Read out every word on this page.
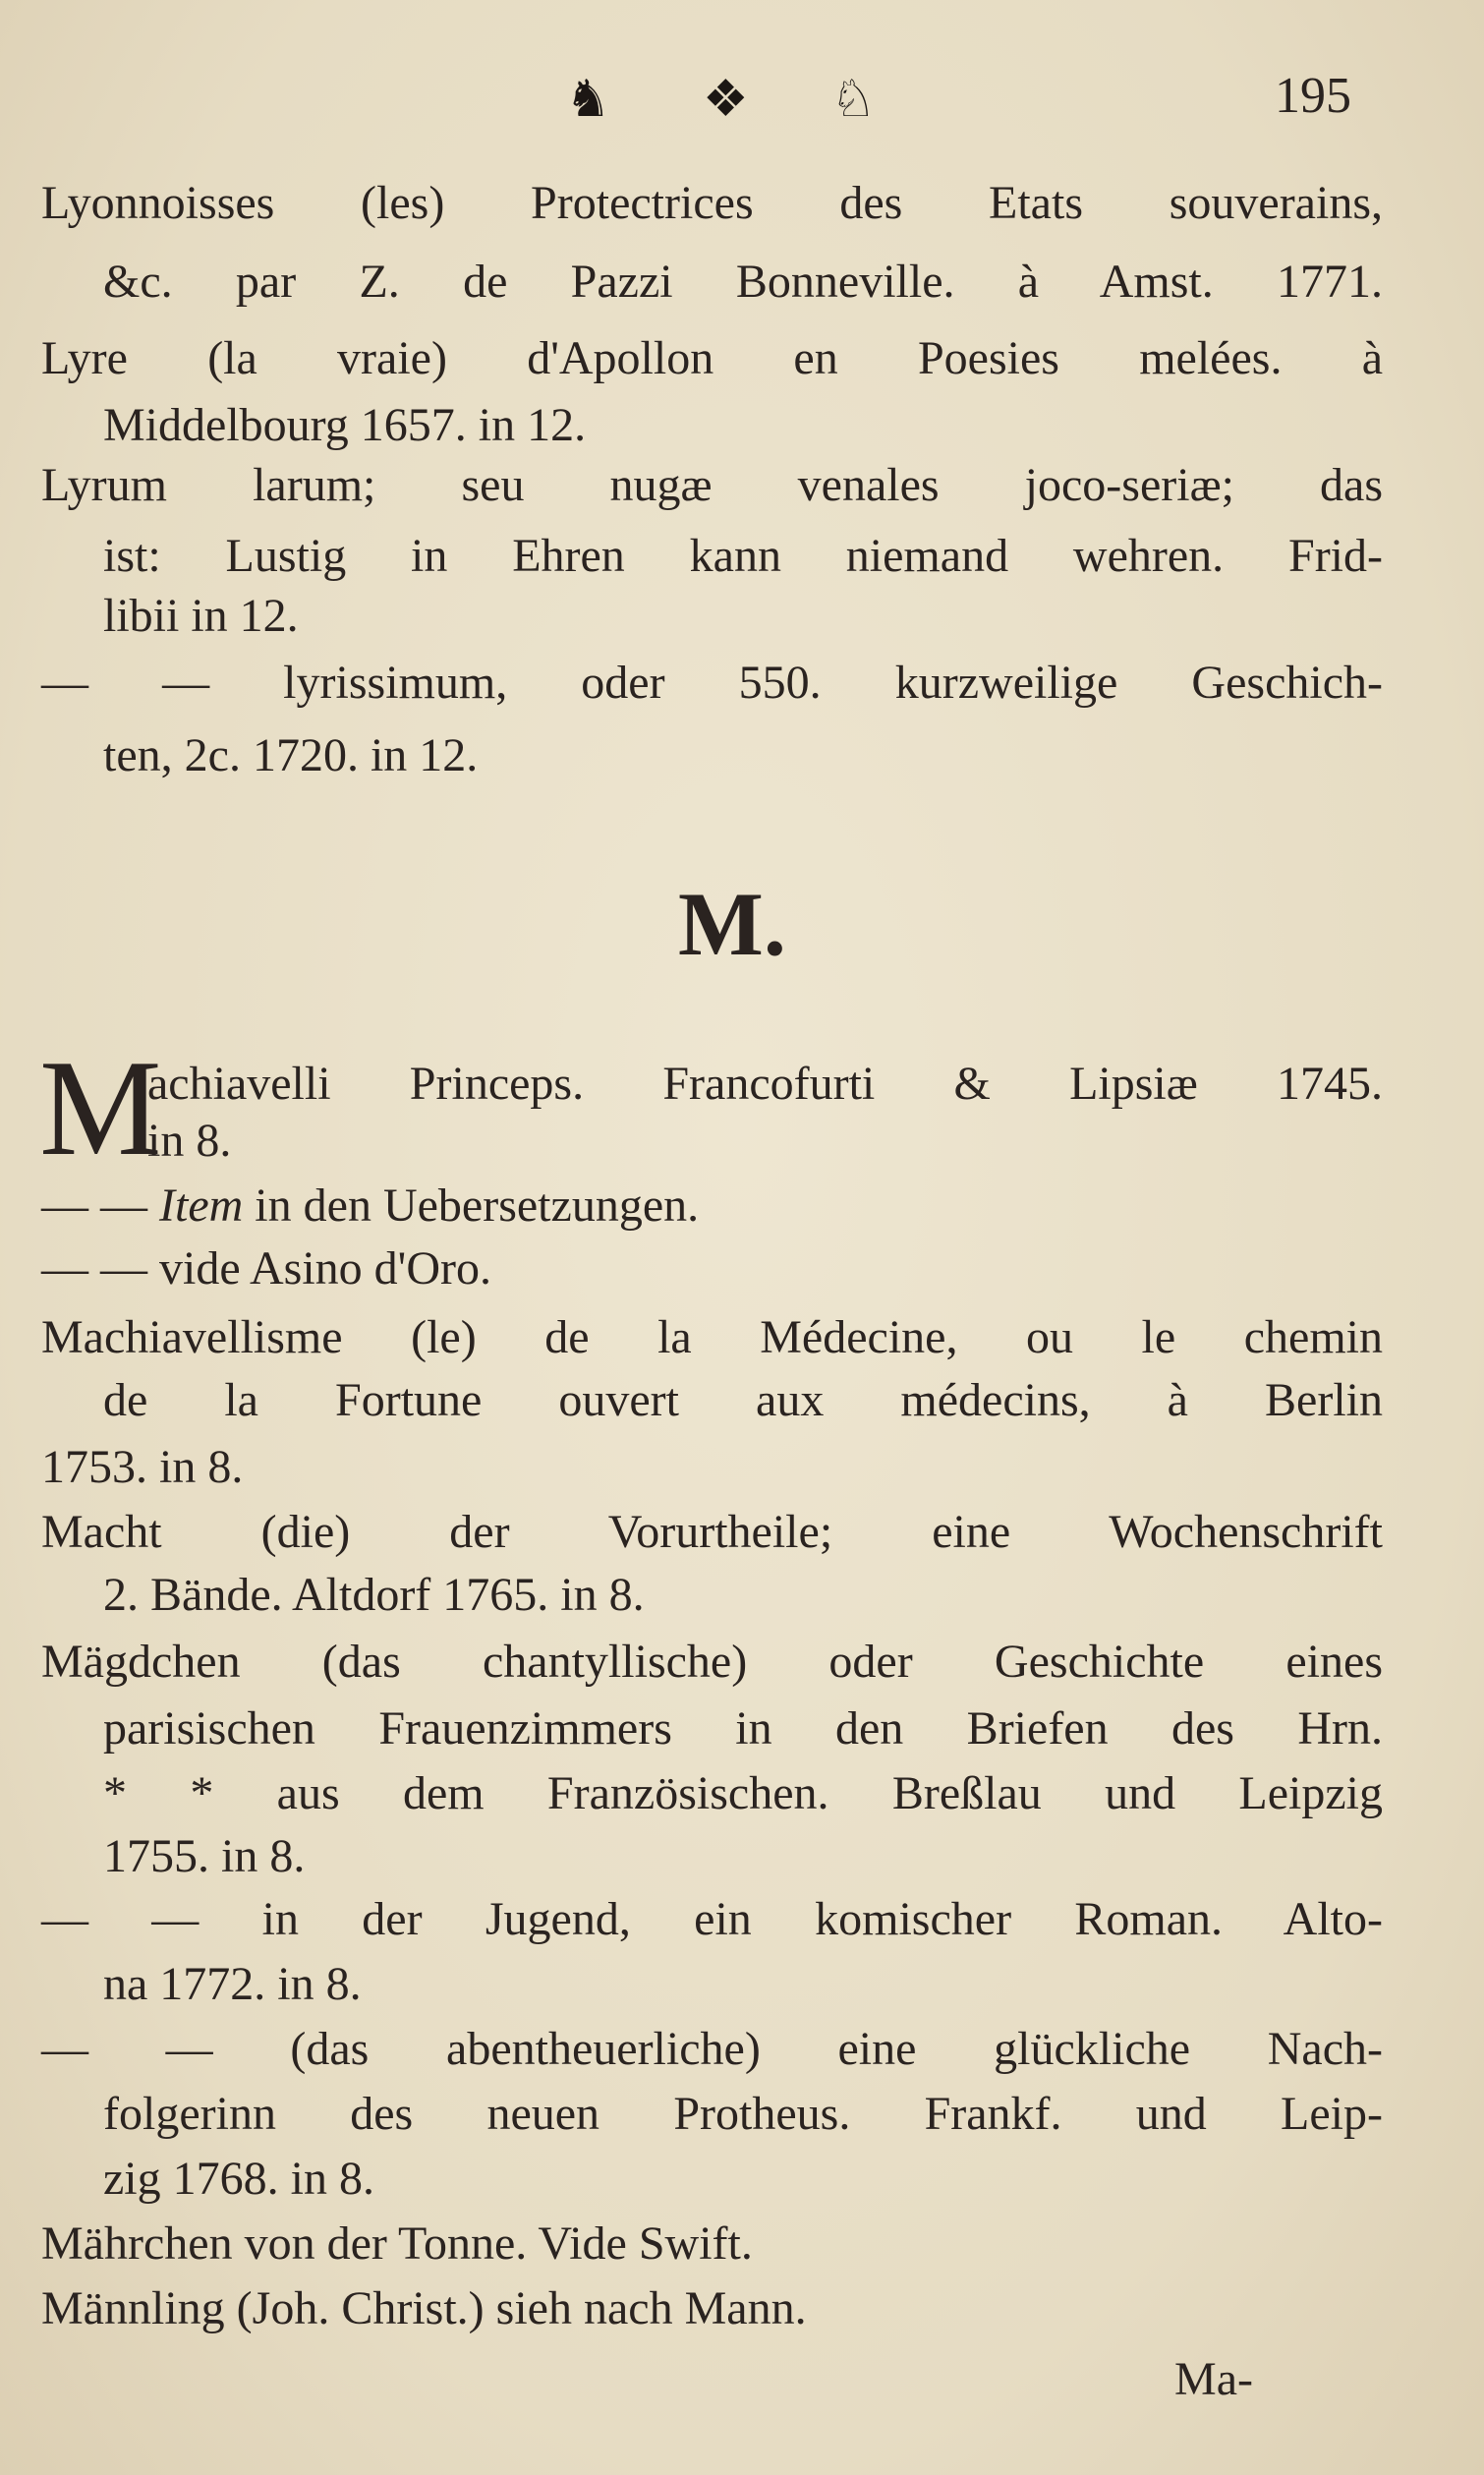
♞ ❖ ♘	195
Lyonnoisses (les) Protectrices des Etats souverains,
&c. par Z. de Pazzi Bonneville. à Amst. 1771.
Lyre (la vraie) d'Apollon en Poesies melées. à
Middelbourg 1657. in 12.
Lyrum larum; seu nugæ venales joco-seriæ; das
ist: Lustig in Ehren kann niemand wehren. Frid-
libii in 12.
— — lyrissimum, oder 550. kurzweilige Geschich-
ten, 2c. 1720. in 12.
M.
M
achiavelli Princeps. Francofurti & Lipsiæ 1745.
in 8.
— — Item in den Uebersetzungen.
— — vide Asino d'Oro.
Machiavellisme (le) de la Médecine, ou le chemin
de la Fortune ouvert aux médecins, à Berlin
1753. in 8.
Macht (die) der Vorurtheile; eine Wochenschrift
2. Bände. Altdorf 1765. in 8.
Mägdchen (das chantyllische) oder Geschichte eines
parisischen Frauenzimmers in den Briefen des Hrn.
* * aus dem Französischen. Breßlau und Leipzig
1755. in 8.
— — in der Jugend, ein komischer Roman. Alto-
na 1772. in 8.
— — (das abentheuerliche) eine glückliche Nach-
folgerinn des neuen Protheus. Frankf. und Leip-
zig 1768. in 8.
Mährchen von der Tonne. Vide Swift.
Männling (Joh. Christ.) sieh nach Mann.
Ma-
